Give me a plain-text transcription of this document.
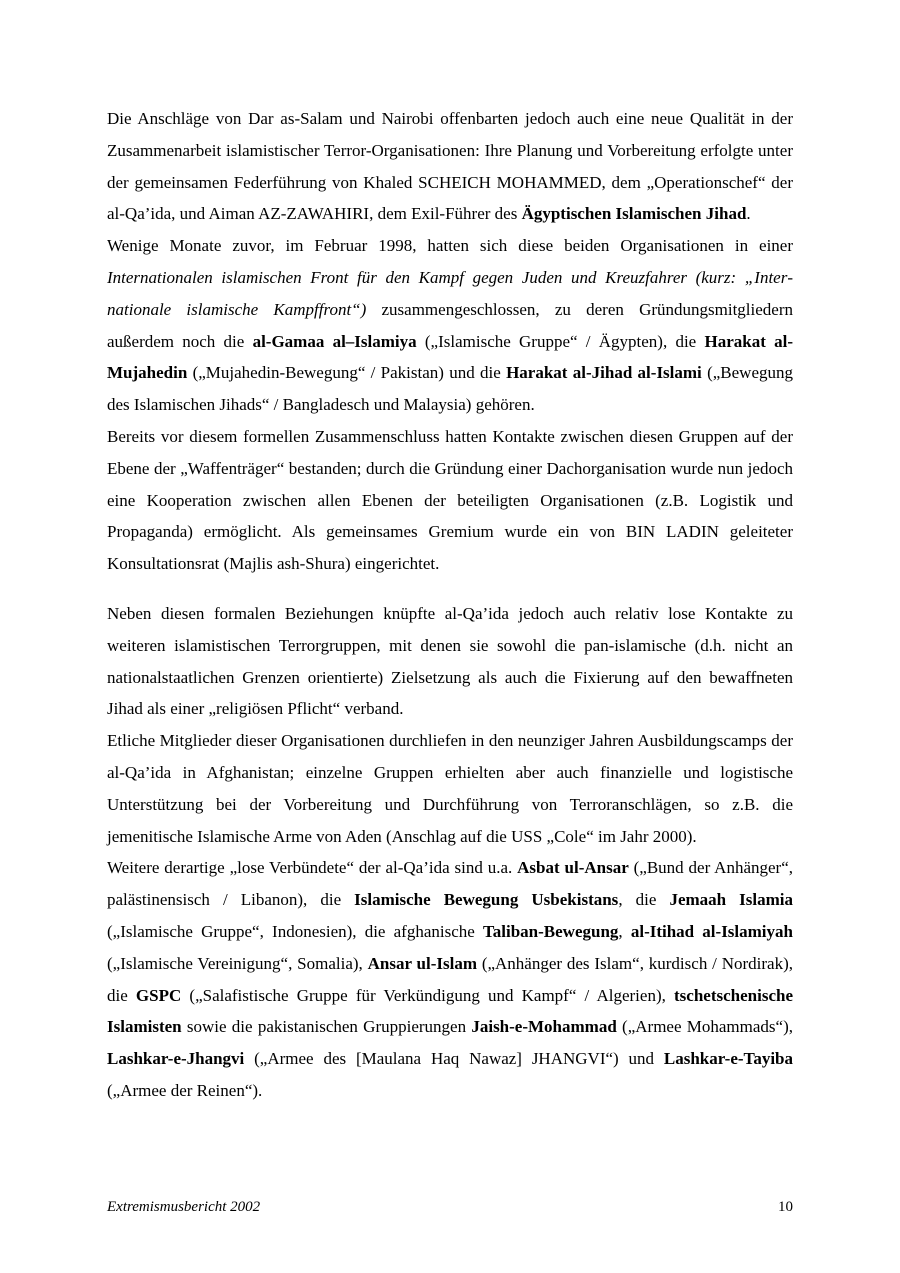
Die Anschläge von Dar as-Salam und Nairobi offenbarten jedoch auch eine neue Qualität in der Zusammenarbeit islamistischer Terror-Organisationen: Ihre Planung und Vorbereitung erfolgte unter der gemeinsamen Federführung von Khaled SCHEICH MOHAMMED, dem „Operationschef“ der al-Qa’ida, und Aiman AZ-ZAWAHIRI, dem Exil-Führer des Ägyptischen Islamischen Jihad.

Wenige Monate zuvor, im Februar 1998, hatten sich diese beiden Organisationen in einer Internationalen islamischen Front für den Kampf gegen Juden und Kreuzfahrer (kurz: „Internationale islamische Kampffront“) zusammengeschlossen, zu deren Gründungsmitgliedern außerdem noch die al-Gamaa al–Islamiya („Islamische Gruppe“ / Ägypten), die Harakat al-Mujahedin („Mujahedin-Bewegung“ / Pakistan) und die Harakat al-Jihad al-Islami („Bewegung des Islamischen Jihads“ / Bangladesch und Malaysia) gehören.

Bereits vor diesem formellen Zusammenschluss hatten Kontakte zwischen diesen Gruppen auf der Ebene der „Waffenträger“ bestanden; durch die Gründung einer Dachorganisation wurde nun jedoch eine Kooperation zwischen allen Ebenen der beteiligten Organisationen (z.B. Logistik und Propaganda) ermöglicht. Als gemeinsames Gremium wurde ein von BIN LADIN geleiteter Konsultationsrat (Majlis ash-Shura) eingerichtet.

Neben diesen formalen Beziehungen knüpfte al-Qa’ida jedoch auch relativ lose Kontakte zu weiteren islamistischen Terrorgruppen, mit denen sie sowohl die pan-islamische (d.h. nicht an nationalstaatlichen Grenzen orientierte) Zielsetzung als auch die Fixierung auf den bewaffneten Jihad als einer „religiösen Pflicht“ verband.

Etliche Mitglieder dieser Organisationen durchliefen in den neunziger Jahren Ausbildungscamps der al-Qa’ida in Afghanistan; einzelne Gruppen erhielten aber auch finanzielle und logistische Unterstützung bei der Vorbereitung und Durchführung von Terroranschlägen, so z.B. die jemenitische Islamische Arme von Aden (Anschlag auf die USS „Cole“ im Jahr 2000).

Weitere derartige „lose Verbündete“ der al-Qa’ida sind u.a. Asbat ul-Ansar („Bund der Anhänger“, palästinensisch / Libanon), die Islamische Bewegung Usbekistans, die Jemaah Islamia („Islamische Gruppe“, Indonesien), die afghanische Taliban-Bewegung, al-Itihad al-Islamiyah („Islamische Vereinigung“, Somalia), Ansar ul-Islam („Anhänger des Islam“, kurdisch / Nordirak), die GSPC („Salafistische Gruppe für Verkündigung und Kampf“ / Algerien), tschetschenische Islamisten sowie die pakistanischen Gruppierungen Jaish-e-Mohammad („Armee Mohammads“), Lashkar-e-Jhangvi („Armee des [Maulana Haq Nawaz] JHANGVI“) und Lashkar-e-Tayiba („Armee der Reinen“).

Extremismusbericht 2002	10
